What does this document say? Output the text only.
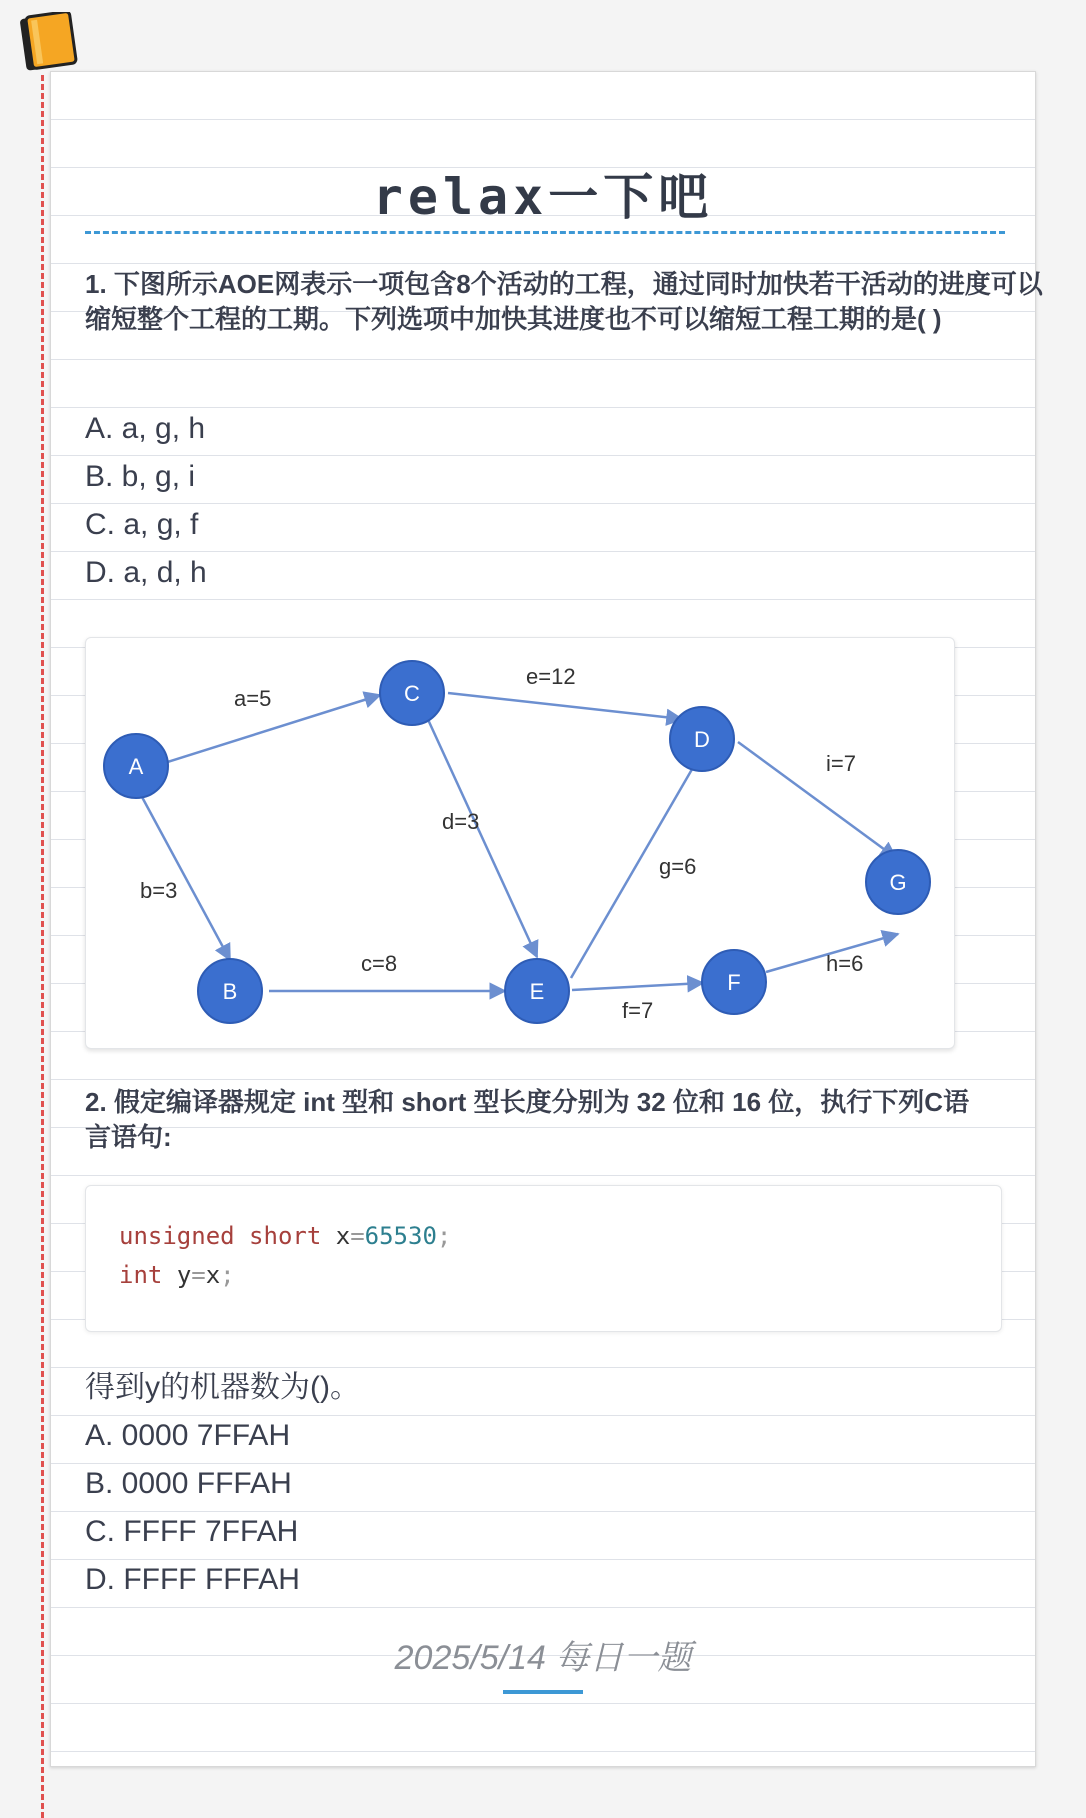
relax一下吧
1. 下图所示AOE网表示一项包含8个活动的工程，通过同时加快若干活动的进度可以缩短整个工程的工期。下列选项中加快其进度也不可以缩短工程工期的是( )
A. a, g, h
B. b, g, i
C. a, g, f
D. a, d, h
a=5
b=3
c=8
d=3
e=12
f=7
g=6
h=6
i=7
A
B
C
D
E	F
G
2. 假定编译器规定 int 型和 short 型长度分别为 32 位和 16 位，执行下列C语言语句:
unsigned short x=65530;
int y=x;
得到y的机器数为()。
A. 0000 7FFAH
B. 0000 FFFAH
C. FFFF 7FFAH
D. FFFF FFFAH
2025/5/14 每日一题
